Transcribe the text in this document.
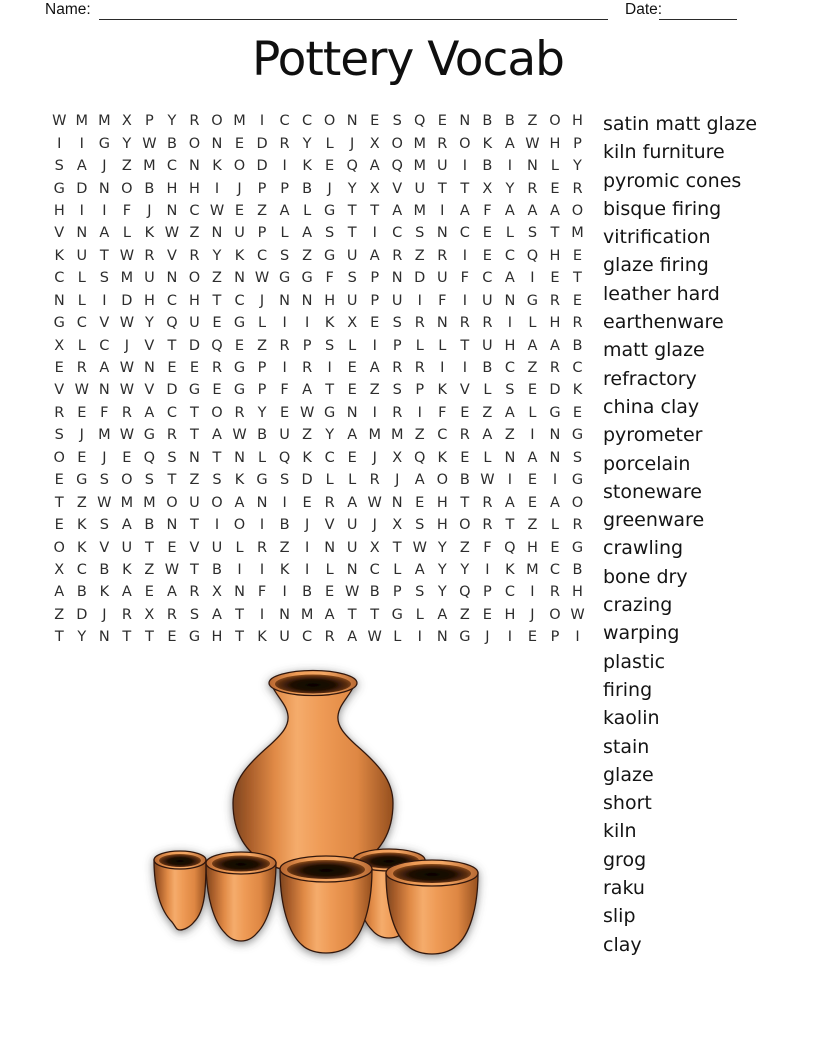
Name:	Date:
Pottery Vocab
W M M X P Y R O M I	C C O N E S Q E N B B Z O H
I	I	G Y W B O N E D R Y L	J	X O M R O K A W H P
S A	J	Z M C N K O D	I	K E Q A Q M U	I	B	I	N L Y
G D N O B H H	I	J	P P B	J	Y X V U T T X Y R E R
H	I	I	F	J	N C W E Z A L G T T A M I	A F A A A O
V N A L K W Z N U P L A S T	I	C S N C E L S T M
K U T W R V R Y K C S Z G U A R Z R	I	E C Q H E
C L S M U N O Z N W G G F S P N D U F C A	I	E T
N L	I	D H C H T C	J	N N H U P U	I	F	I	U N G R E
G C V W Y Q U E G L	I	I	K X E S R N R R	I	L H R
X L C	J	V T D Q E Z R P S L	I	P L L T U H A A B
E R A W N E E R G P	I	R	I	E A R R	I	I	B C Z R C
V W N W V D G E G P F A T E Z S P K V L S E D K
R E F R A C T O R Y E W G N	I	R	I	F E Z A L G E
S	J M W G R T A W B U Z Y A M M Z C R A Z	I	N G
O E	J	E Q S N T N L Q K C E	J	X Q K E L N A N S
E G S O S T Z S K G S D L L R	J	A O B W I	E	I	G
T Z W M M O U O A N	I	E R A W N E H T R A E A O
E K S A B N T	I	O	I	B	J	V U	J	X S H O R T Z L R
O K V U T E V U L R Z	I	N U X T W Y Z F Q H E G
X C B K Z W T B	I	I	K	I	L N C L A Y Y	I	K M C B
A B K A E A R X N F	I	B E W B P S Y Q P C	I	R H
Z D	J	R X R S A T	I	N M A T T G L A Z E H	J	O W
T Y N T T E G H T K U C R A W L	I	N G	J	I	E P	I
satin matt glaze
kiln furniture
pyromic cones
bisque firing
vitrification
glaze firing
leather hard
earthenware
matt glaze
refractory
china clay
pyrometer
porcelain
stoneware
greenware
crawling
bone dry
crazing
warping
plastic
firing
kaolin
stain
glaze
short
kiln
grog
raku
slip
clay
